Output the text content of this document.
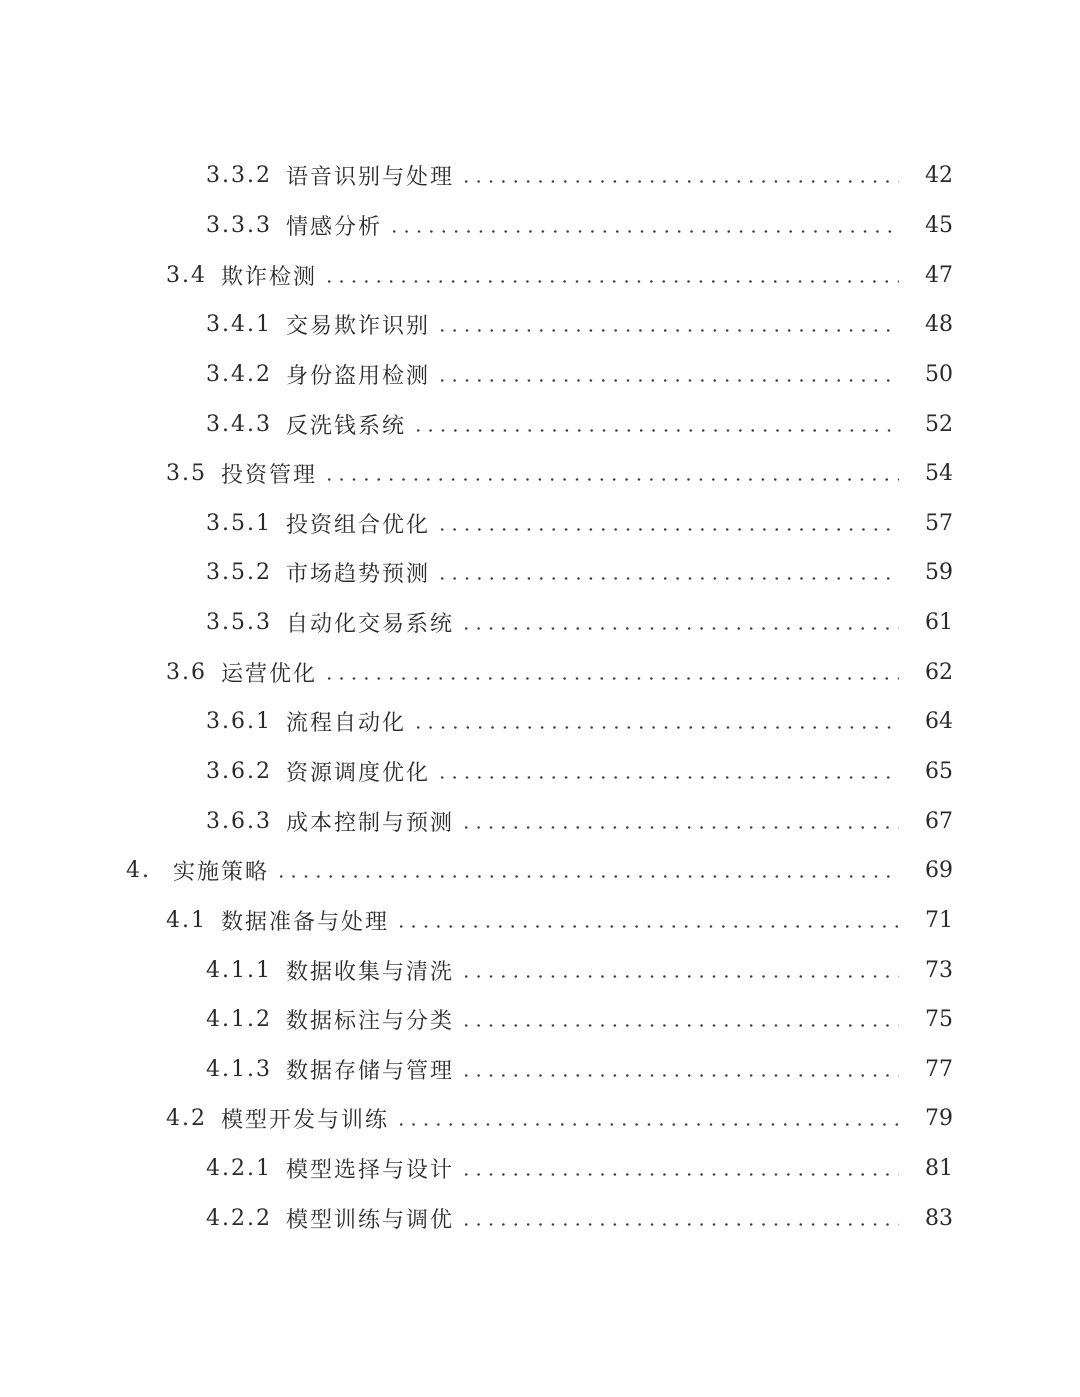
3.3.2 语音识别与处理	42
3.3.3 情感分析	45
3.4 欺诈检测	47
3.4.1 交易欺诈识别	48
3.4.2 身份盗用检测	50
3.4.3 反洗钱系统	52
3.5 投资管理	54
3.5.1 投资组合优化	57
3.5.2 市场趋势预测	59
3.5.3 自动化交易系统	61
3.6 运营优化	62
3.6.1 流程自动化	64
3.6.2 资源调度优化	65
3.6.3 成本控制与预测	67
4. 实施策略	69
4.1 数据准备与处理	71
4.1.1 数据收集与清洗	73
4.1.2 数据标注与分类	75
4.1.3 数据存储与管理	77
4.2 模型开发与训练	79
4.2.1 模型选择与设计	81
4.2.2 模型训练与调优	83
